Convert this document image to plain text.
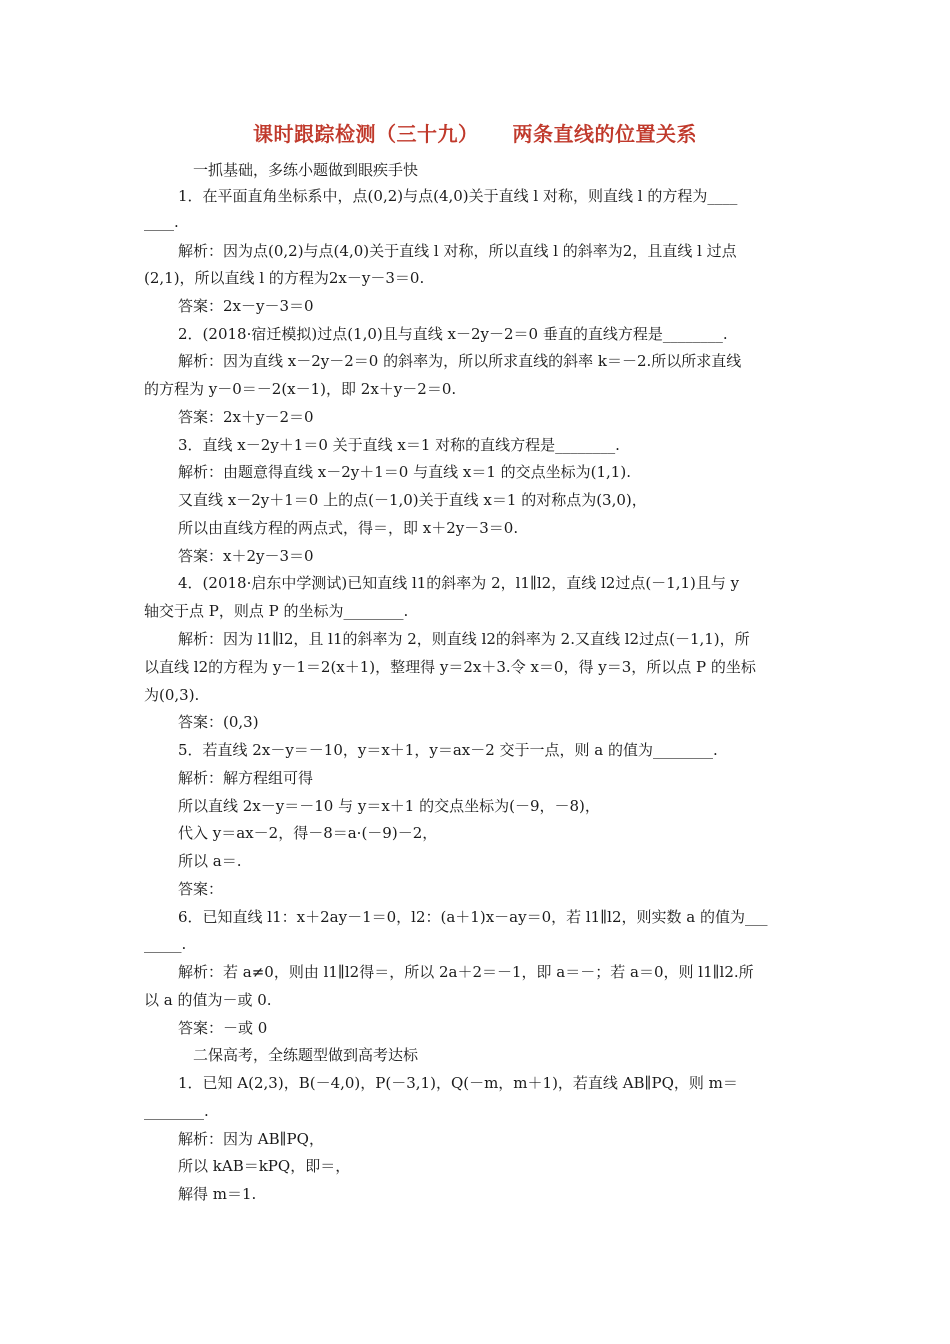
课时跟踪检测（三十九） 两条直线的位置关系
一抓基础，多练小题做到眼疾手快
1．在平面直角坐标系中，点(0,2)与点(4,0)关于直线 l 对称，则直线 l 的方程为____
____.
解析：因为点(0,2)与点(4,0)关于直线 l 对称，所以直线 l 的斜率为2，且直线 l 过点
(2,1)，所以直线 l 的方程为2x－y－3＝0.
答案：2x－y－3＝0
2．(2018·宿迁模拟)过点(1,0)且与直线 x－2y－2＝0 垂直的直线方程是________.
解析：因为直线 x－2y－2＝0 的斜率为，所以所求直线的斜率 k＝－2.所以所求直线
的方程为 y－0＝－2(x－1)，即 2x＋y－2＝0.
答案：2x＋y－2＝0
3．直线 x－2y＋1＝0 关于直线 x＝1 对称的直线方程是________.
解析：由题意得直线 x－2y＋1＝0 与直线 x＝1 的交点坐标为(1,1).
又直线 x－2y＋1＝0 上的点(－1,0)关于直线 x＝1 的对称点为(3,0)，
所以由直线方程的两点式，得＝，即 x＋2y－3＝0.
答案：x＋2y－3＝0
4．(2018·启东中学测试)已知直线 l1的斜率为 2，l1∥l2，直线 l2过点(－1,1)且与 y
轴交于点 P，则点 P 的坐标为________.
解析：因为 l1∥l2，且 l1的斜率为 2，则直线 l2的斜率为 2.又直线 l2过点(－1,1)，所
以直线 l2的方程为 y－1＝2(x＋1)，整理得 y＝2x＋3.令 x＝0，得 y＝3，所以点 P 的坐标
为(0,3).
答案：(0,3)
5．若直线 2x－y＝－10，y＝x＋1，y＝ax－2 交于一点，则 a 的值为________.
解析：解方程组可得
所以直线 2x－y＝－10 与 y＝x＋1 的交点坐标为(－9，－8)，
代入 y＝ax－2，得－8＝a·(－9)－2，
所以 a＝.
答案：
6．已知直线 l1：x＋2ay－1＝0，l2：(a＋1)x－ay＝0，若 l1∥l2，则实数 a 的值为___
_____.
解析：若 a≠0，则由 l1∥l2得＝，所以 2a＋2＝－1，即 a＝－；若 a＝0，则 l1∥l2.所
以 a 的值为－或 0.
答案：－或 0
二保高考，全练题型做到高考达标
1．已知 A(2,3)，B(－4,0)，P(－3,1)，Q(－m，m＋1)，若直线 AB∥PQ，则 m＝
________.
解析：因为 AB∥PQ，
所以 kAB＝kPQ，即＝，
解得 m＝1.
